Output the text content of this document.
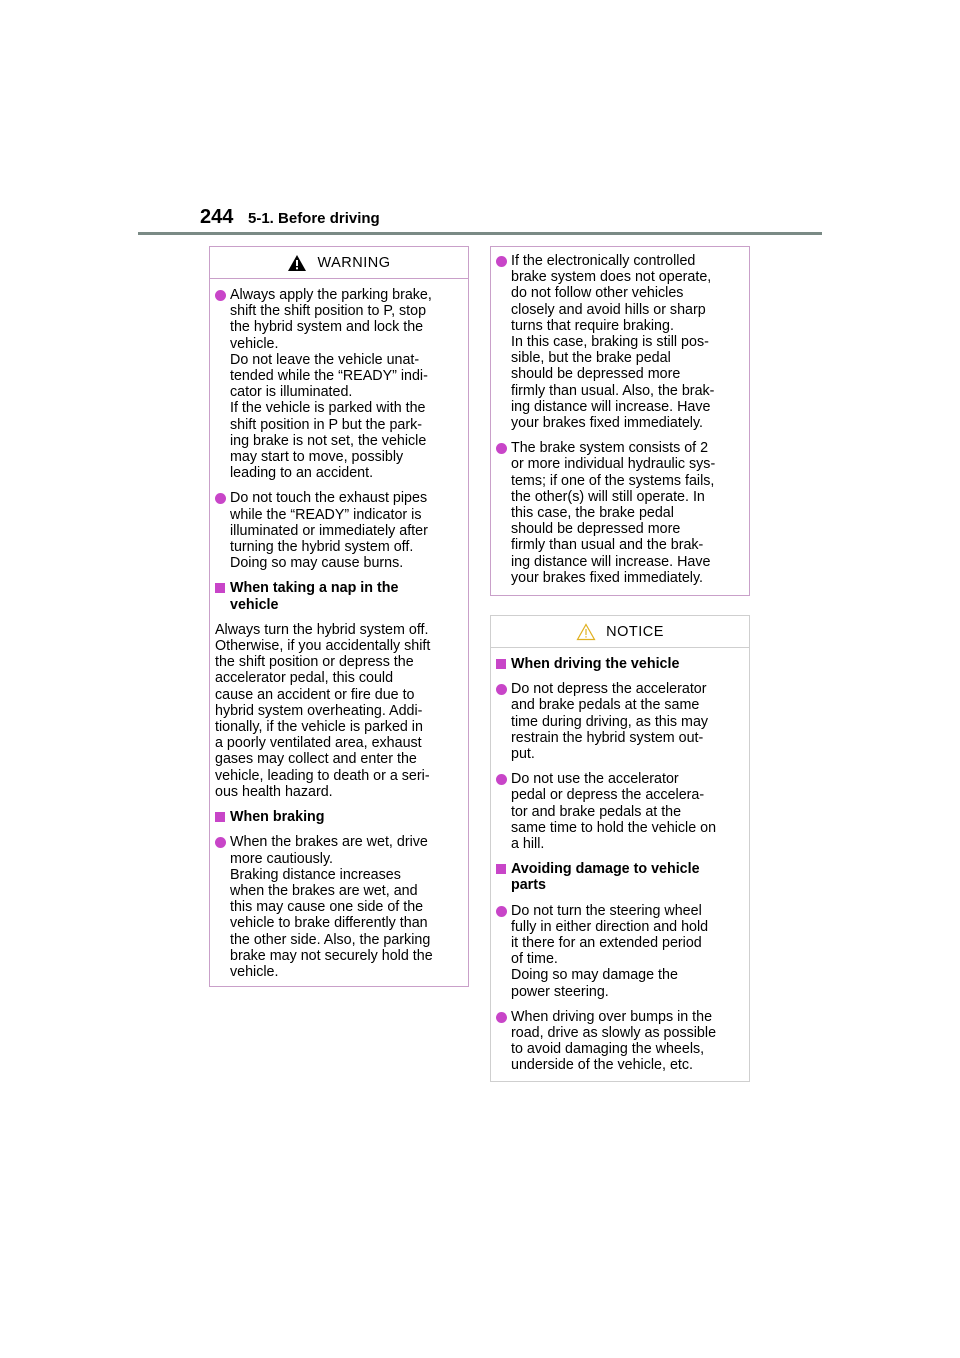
244 5-1. Before driving
WARNING
Always apply the parking brake,
shift the shift position to P, stop
the hybrid system and lock the
vehicle.
Do not leave the vehicle unat-
tended while the “READY” indi-
cator is illuminated.
If the vehicle is parked with the
shift position in P but the park-
ing brake is not set, the vehicle
may start to move, possibly
leading to an accident.
Do not touch the exhaust pipes
while the “READY” indicator is
illuminated or immediately after
turning the hybrid system off.
Doing so may cause burns.
When taking a nap in the
vehicle
Always turn the hybrid system off.
Otherwise, if you accidentally shift
the shift position or depress the
accelerator pedal, this could
cause an accident or fire due to
hybrid system overheating. Addi-
tionally, if the vehicle is parked in
a poorly ventilated area, exhaust
gases may collect and enter the
vehicle, leading to death or a seri-
ous health hazard.
When braking
When the brakes are wet, drive
more cautiously.
Braking distance increases
when the brakes are wet, and
this may cause one side of the
vehicle to brake differently than
the other side. Also, the parking
brake may not securely hold the
vehicle.
If the electronically controlled
brake system does not operate,
do not follow other vehicles
closely and avoid hills or sharp
turns that require braking.
In this case, braking is still pos-
sible, but the brake pedal
should be depressed more
firmly than usual. Also, the brak-
ing distance will increase. Have
your brakes fixed immediately.
The brake system consists of 2
or more individual hydraulic sys-
tems; if one of the systems fails,
the other(s) will still operate. In
this case, the brake pedal
should be depressed more
firmly than usual and the brak-
ing distance will increase. Have
your brakes fixed immediately.
NOTICE
When driving the vehicle
Do not depress the accelerator
and brake pedals at the same
time during driving, as this may
restrain the hybrid system out-
put.
Do not use the accelerator
pedal or depress the accelera-
tor and brake pedals at the
same time to hold the vehicle on
a hill.
Avoiding damage to vehicle
parts
Do not turn the steering wheel
fully in either direction and hold
it there for an extended period
of time.
Doing so may damage the
power steering.
When driving over bumps in the
road, drive as slowly as possible
to avoid damaging the wheels,
underside of the vehicle, etc.
